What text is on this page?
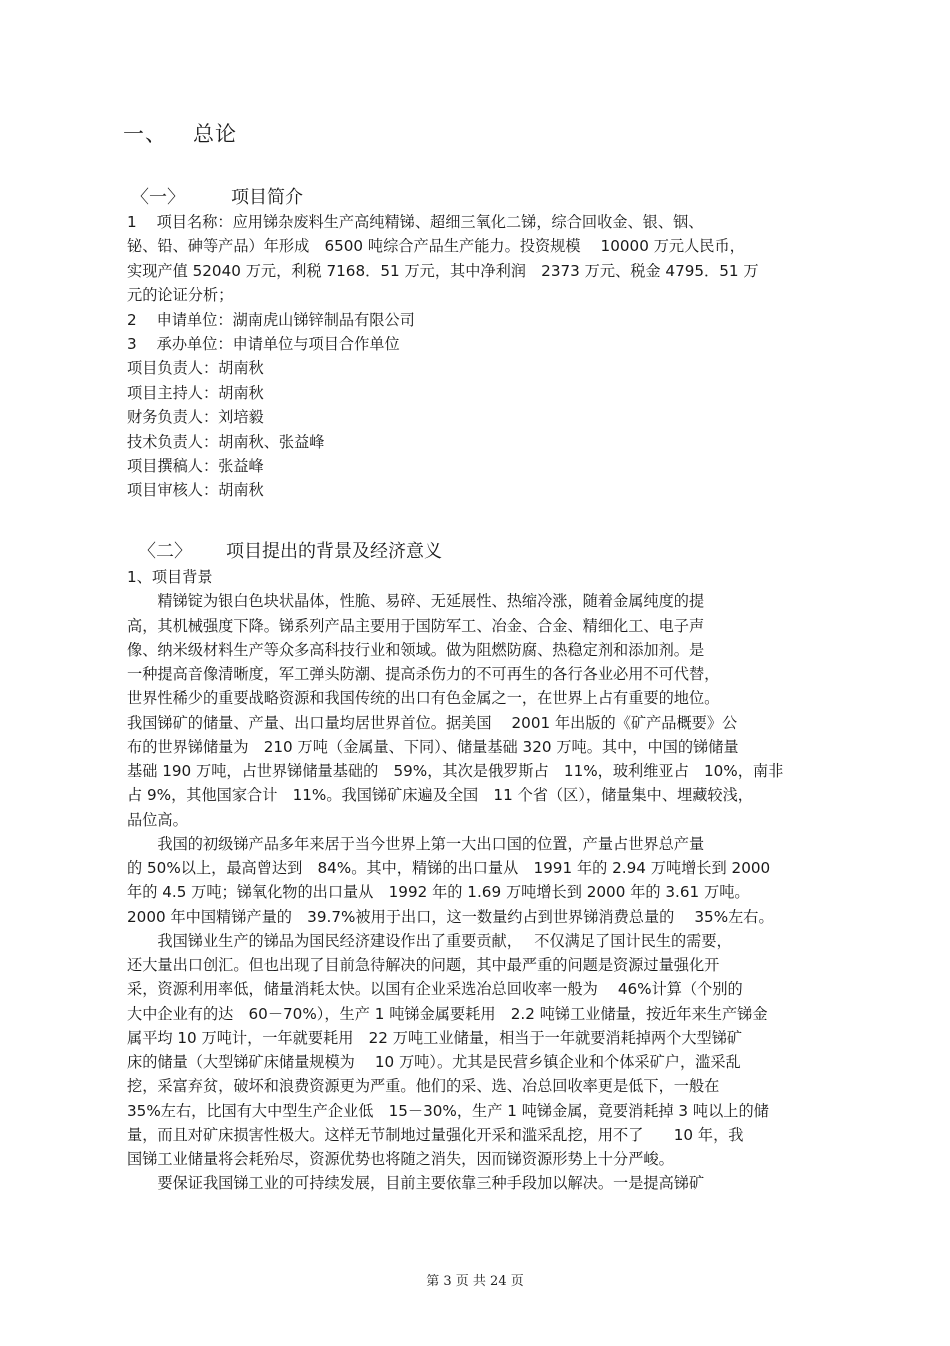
一、 总论
〈一〉	项目简介
1　 项目名称：应用锑杂废料生产高纯精锑、超细三氧化二锑，综合回收金、银、铟、
铋、铅、砷等产品）年形成　6500 吨综合产品生产能力。投资规模　 10000 万元人民币，
实现产值 52040 万元，利税 7168．51 万元，其中净利润　2373 万元、税金 4795．51 万
元的论证分析；
2　 申请单位：湖南虎山锑锌制品有限公司
3　 承办单位：申请单位与项目合作单位
项目负责人：胡南秋
项目主持人：胡南秋
财务负责人：刘培毅
技术负责人：胡南秋、张益峰
项目撰稿人：张益峰
项目审核人：胡南秋
〈二〉 项目提出的背景及经济意义
1、项目背景
　　精锑锭为银白色块状晶体，性脆、易碎、无延展性、热缩冷涨，随着金属纯度的提
高，其机械强度下降。锑系列产品主要用于国防军工、冶金、合金、精细化工、电子声
像、纳米级材料生产等众多高科技行业和领域。做为阻燃防腐、热稳定剂和添加剂。是
一种提高音像清晰度，军工弹头防潮、提高杀伤力的不可再生的各行各业必用不可代替，
世界性稀少的重要战略资源和我国传统的出口有色金属之一，在世界上占有重要的地位。
我国锑矿的储量、产量、出口量均居世界首位。据美国　 2001 年出版的《矿产品概要》公
布的世界锑储量为　210 万吨（金属量、下同）、储量基础 320 万吨。其中，中国的锑储量
基础 190 万吨，占世界锑储量基础的　59%，其次是俄罗斯占　11%，玻利维亚占　10%，南非
占 9%，其他国家合计　11%。我国锑矿床遍及全国　11 个省（区），储量集中、埋藏较浅，
品位高。
　　我国的初级锑产品多年来居于当今世界上第一大出口国的位置，产量占世界总产量
的 50%以上，最高曾达到　84%。其中，精锑的出口量从　1991 年的 2.94 万吨增长到 2000
年的 4.5 万吨；锑氧化物的出口量从　1992 年的 1.69 万吨增长到 2000 年的 3.61 万吨。
2000 年中国精锑产量的　39.7%被用于出口，这一数量约占到世界锑消费总量的　 35%左右。
　　我国锑业生产的锑品为国民经济建设作出了重要贡献，　 不仅满足了国计民生的需要，
还大量出口创汇。但也出现了目前急待解决的问题，其中最严重的问题是资源过量强化开
采，资源利用率低，储量消耗太快。以国有企业采选冶总回收率一般为　 46%计算（个别的
大中企业有的达　60－70%），生产 1 吨锑金属要耗用　2.2 吨锑工业储量，按近年来生产锑金
属平均 10 万吨计，一年就要耗用　22 万吨工业储量，相当于一年就要消耗掉两个大型锑矿
床的储量（大型锑矿床储量规模为　 10 万吨）。尤其是民营乡镇企业和个体采矿户，滥采乱
挖，采富弃贫，破坏和浪费资源更为严重。他们的采、选、冶总回收率更是低下，一般在
35%左右，比国有大中型生产企业低　15－30%，生产 1 吨锑金属，竟要消耗掉 3 吨以上的储
量，而且对矿床损害性极大。这样无节制地过量强化开采和滥采乱挖，用不了　　10 年，我
国锑工业储量将会耗殆尽，资源优势也将随之消失，因而锑资源形势上十分严峻。
　　要保证我国锑工业的可持续发展，目前主要依靠三种手段加以解决。一是提高锑矿
第 3 页 共 24 页
